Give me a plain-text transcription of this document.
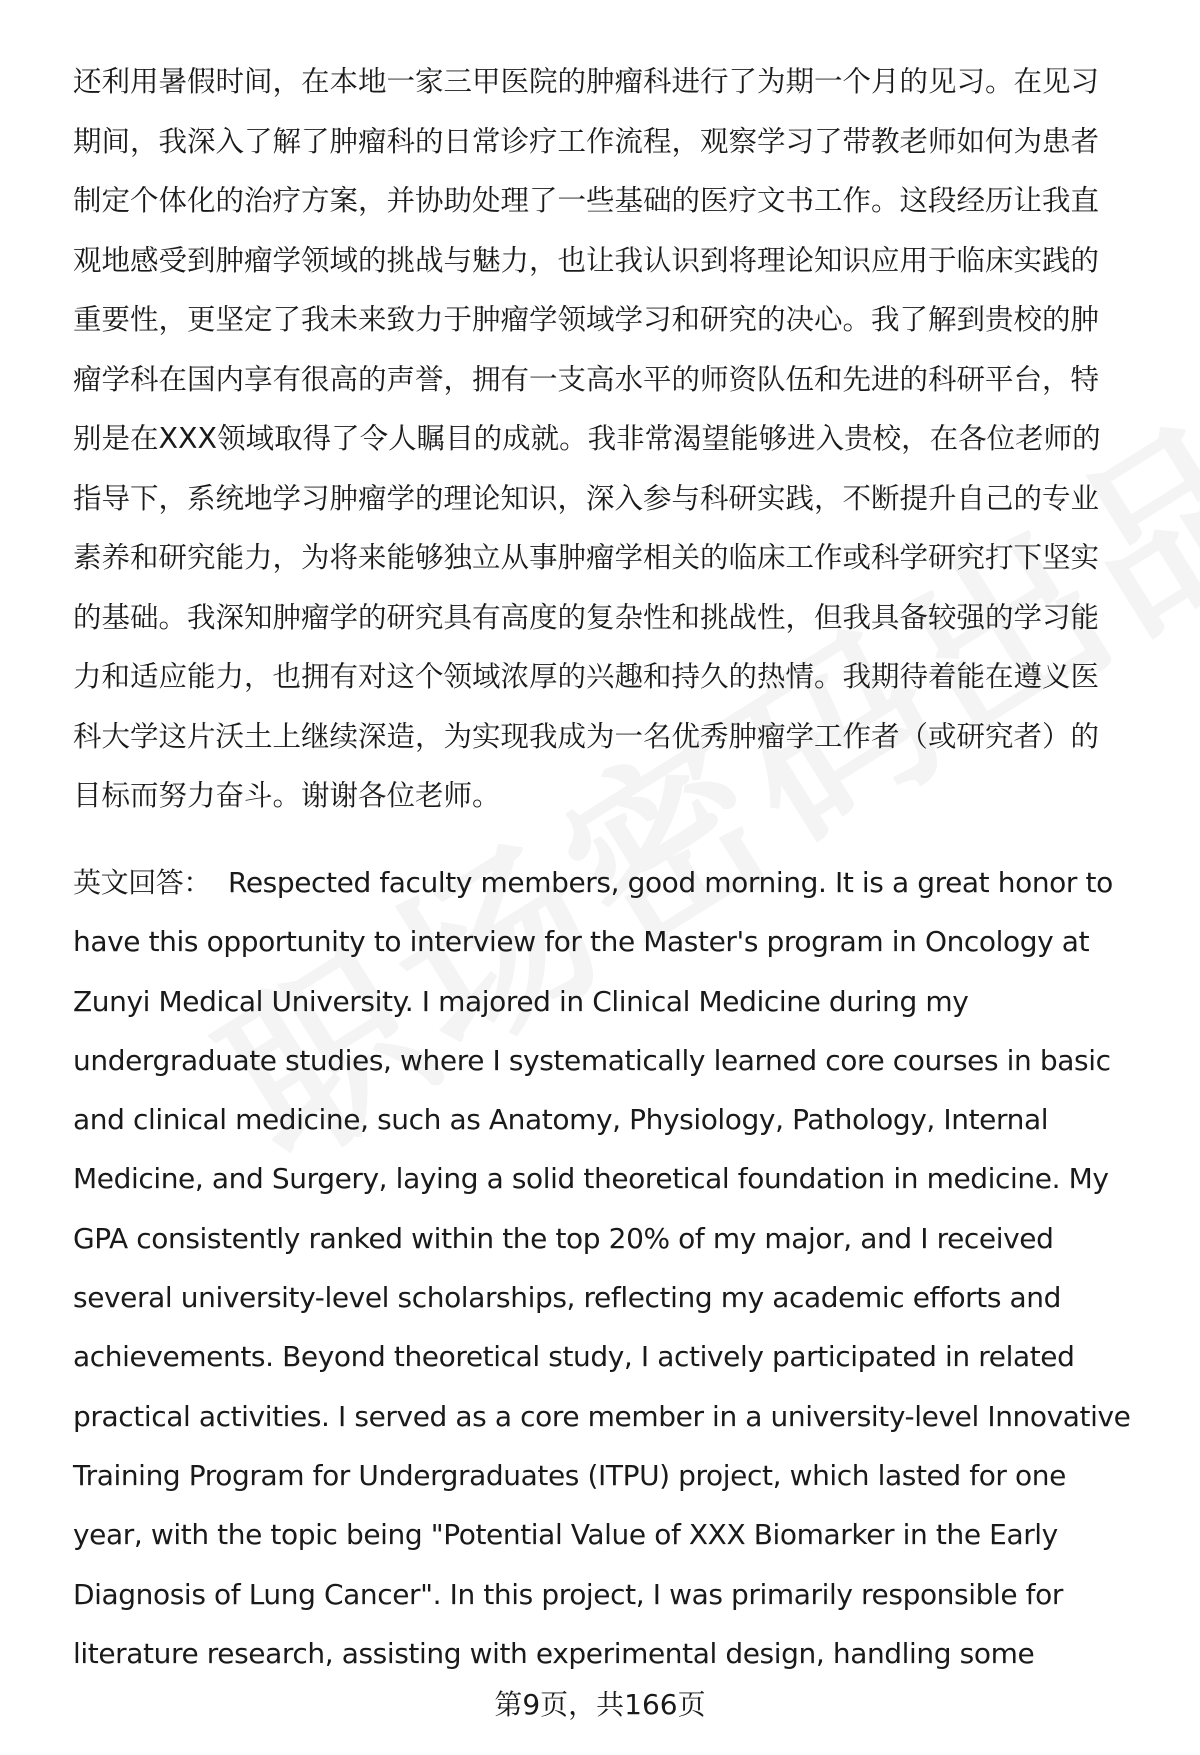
还利用暑假时间，在本地一家三甲医院的肿瘤科进行了为期一个月的见习。在见习
期间，我深入了解了肿瘤科的日常诊疗工作流程，观察学习了带教老师如何为患者
制定个体化的治疗方案，并协助处理了一些基础的医疗文书工作。这段经历让我直
观地感受到肿瘤学领域的挑战与魅力，也让我认识到将理论知识应用于临床实践的
重要性，更坚定了我未来致力于肿瘤学领域学习和研究的决心。我了解到贵校的肿
瘤学科在国内享有很高的声誉，拥有一支高水平的师资队伍和先进的科研平台，特
别是在XXX领域取得了令人瞩目的成就。我非常渴望能够进入贵校，在各位老师的
指导下，系统地学习肿瘤学的理论知识，深入参与科研实践，不断提升自己的专业
素养和研究能力，为将来能够独立从事肿瘤学相关的临床工作或科学研究打下坚实
的基础。我深知肿瘤学的研究具有高度的复杂性和挑战性，但我具备较强的学习能
力和适应能力，也拥有对这个领域浓厚的兴趣和持久的热情。我期待着能在遵义医
科大学这片沃土上继续深造，为实现我成为一名优秀肿瘤学工作者（或研究者）的
目标而努力奋斗。谢谢各位老师。
英文回答： Respected faculty members, good morning. It is a great honor to
have this opportunity to interview for the Master's program in Oncology at
Zunyi Medical University. I majored in Clinical Medicine during my
undergraduate studies, where I systematically learned core courses in basic
and clinical medicine, such as Anatomy, Physiology, Pathology, Internal
Medicine, and Surgery, laying a solid theoretical foundation in medicine. My
GPA consistently ranked within the top 20% of my major, and I received
several university-level scholarships, reflecting my academic efforts and
achievements. Beyond theoretical study, I actively participated in related
practical activities. I served as a core member in a university-level Innovative
Training Program for Undergraduates (ITPU) project, which lasted for one
year, with the topic being "Potential Value of XXX Biomarker in the Early
Diagnosis of Lung Cancer". In this project, I was primarily responsible for
literature research, assisting with experimental design, handling some
第9页，共166页
